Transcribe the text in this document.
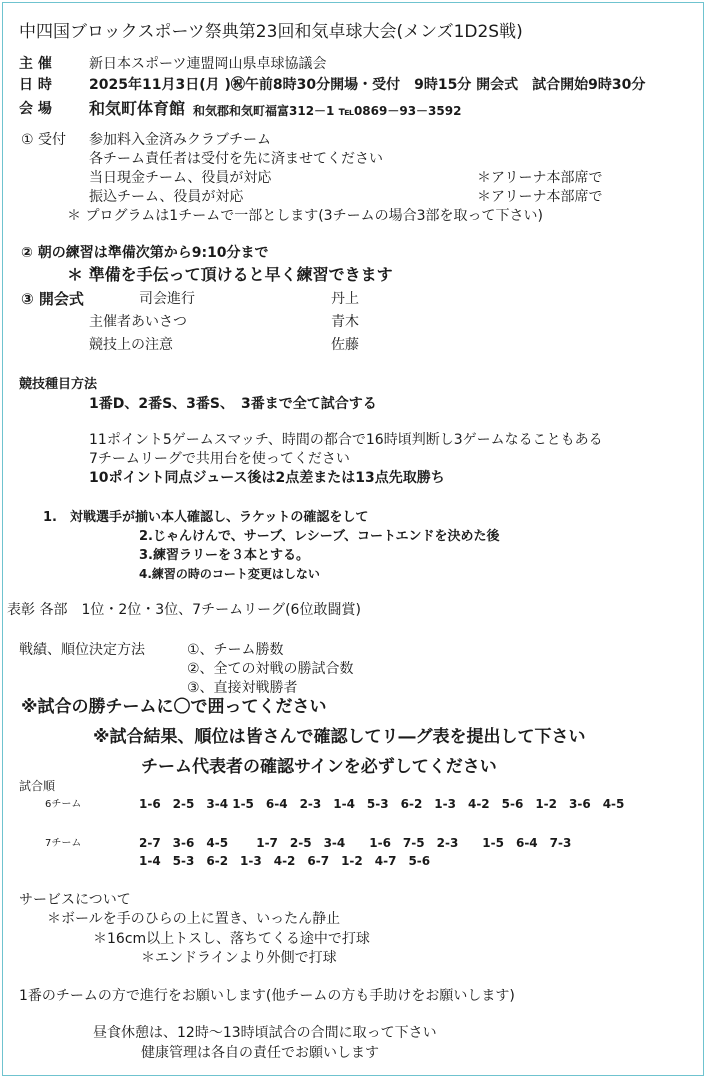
中四国ブロックスポーツ祭典第23回和気卓球大会(メンズ1D2S戦)
主 催	新日本スポーツ連盟岡山県卓球協議会
日 時	2025年11月3日(月 )㊗午前8時30分開場・受付　9時15分 開会式　試合開始9時30分
会 場 和気町体育館 和気郡和気町福富312－1 ℡0869－93－3592
① 受付 参加料入金済みクラブチーム
各チーム責任者は受付を先に済ませてください
当日現金チーム、役員が対応	＊アリーナ本部席で
振込チーム、役員が対応	＊アリーナ本部席で
＊ プログラムは1チームで一部とします(3チームの場合3部を取って下さい)
② 朝の練習は準備次第から9:10分まで
＊ 準備を手伝って頂けると早く練習できます
③ 開会式	司会進行	丹上
主催者あいさつ	青木
競技上の注意	佐藤
競技種目方法
1番D、2番S、3番S、　3番まで全て試合する
11ポイント5ゲームスマッチ、時間の都合で16時頃判断し3ゲームなることもある
7チームリーグで共用台を使ってください
10ポイント同点ジュース後は2点差または13点先取勝ち
1.　対戦選手が揃い本人確認し、ラケットの確認をして
2.じゃんけんで、サーブ、レシーブ、コートエンドを決めた後
3.練習ラリーを３本とする。
4.練習の時のコート変更はしない
表彰 各部　1位・2位・3位、7チームリーグ(6位敢闘賞)
戦績、順位決定方法	①、チーム勝数
②、全ての対戦の勝試合数
③、直接対戦勝者
※試合の勝チームに〇で囲ってください
※試合結果、順位は皆さんで確認してリ―グ表を提出して下さい
チーム代表者の確認サインを必ずしてください
試合順
6チーム	1-6　2-5　3-4 1-5　6-4　2-3　1-4　5-3　6-2　1-3　4-2　5-6　1-2　3-6　4-5
7チーム	2-7　3-6　4-5　　 1-7　2-5　3-4　　1-6　7-5　2-3　　1-5　6-4　7-3
1-4　5-3　6-2　1-3　4-2　6-7　1-2　4-7　5-6
サービスについて
＊ボールを手のひらの上に置き、いったん静止
＊16cm以上トスし、落ちてくる途中で打球
＊エンドラインより外側で打球
1番のチームの方で進行をお願いします(他チームの方も手助けをお願いします)
昼食休憩は、12時～13時頃試合の合間に取って下さい
健康管理は各自の責任でお願いします
